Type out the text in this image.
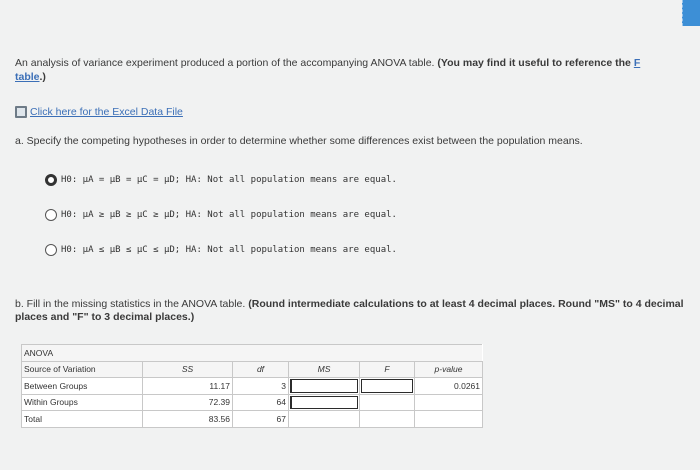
An analysis of variance experiment produced a portion of the accompanying ANOVA table. (You may find it useful to reference the F
table.)
Click here for the Excel Data File
a. Specify the competing hypotheses in order to determine whether some differences exist between the population means.
H0: μA = μB = μC = μD; HA: Not all population means are equal.
H0: μA ≥ μB ≥ μC ≥ μD; HA: Not all population means are equal.
H0: μA ≤ μB ≤ μC ≤ μD; HA: Not all population means are equal.
b. Fill in the missing statistics in the ANOVA table. (Round intermediate calculations to at least 4 decimal places. Round "MS" to 4 decimal places and "F" to 3 decimal places.)
ANOVA					
Source of Variation	SS	df	MS	F	p-value
Between Groups	11.17	3			0.0261
Within Groups	72.39	64	

Total	83.56	67			
